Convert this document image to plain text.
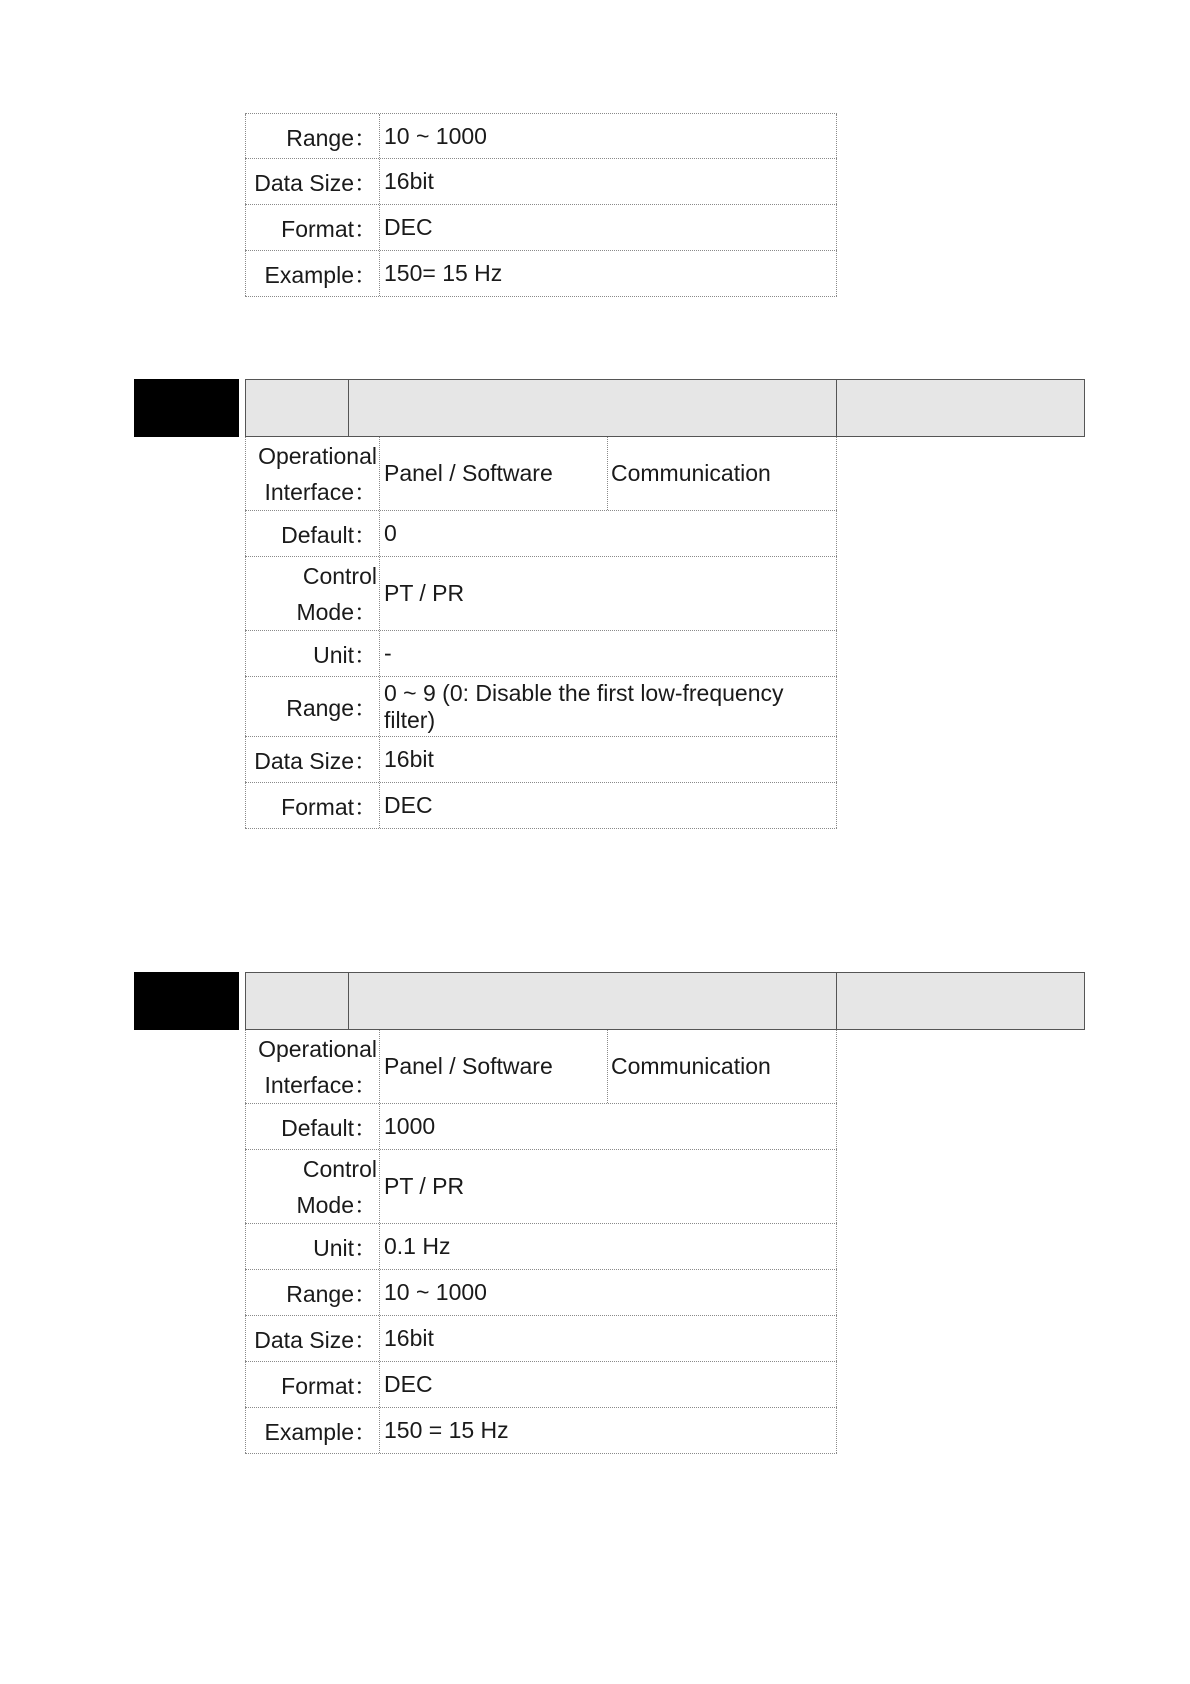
Range： 10 ~ 1000
Data Size： 16bit
Format： DEC
Example： 150= 15 Hz
Operational
Interface：
Panel / Software	Communication
Default： 0
Control
Mode：
PT / PR
Unit： -
Range：
0 ~ 9 (0: Disable the first low-frequency
filter)
Data Size： 16bit
Format： DEC
Operational
Interface：
Panel / Software	Communication
Default： 1000
Control
Mode：
PT / PR
Unit： 0.1 Hz
Range： 10 ~ 1000
Data Size： 16bit
Format： DEC
Example： 150 = 15 Hz
